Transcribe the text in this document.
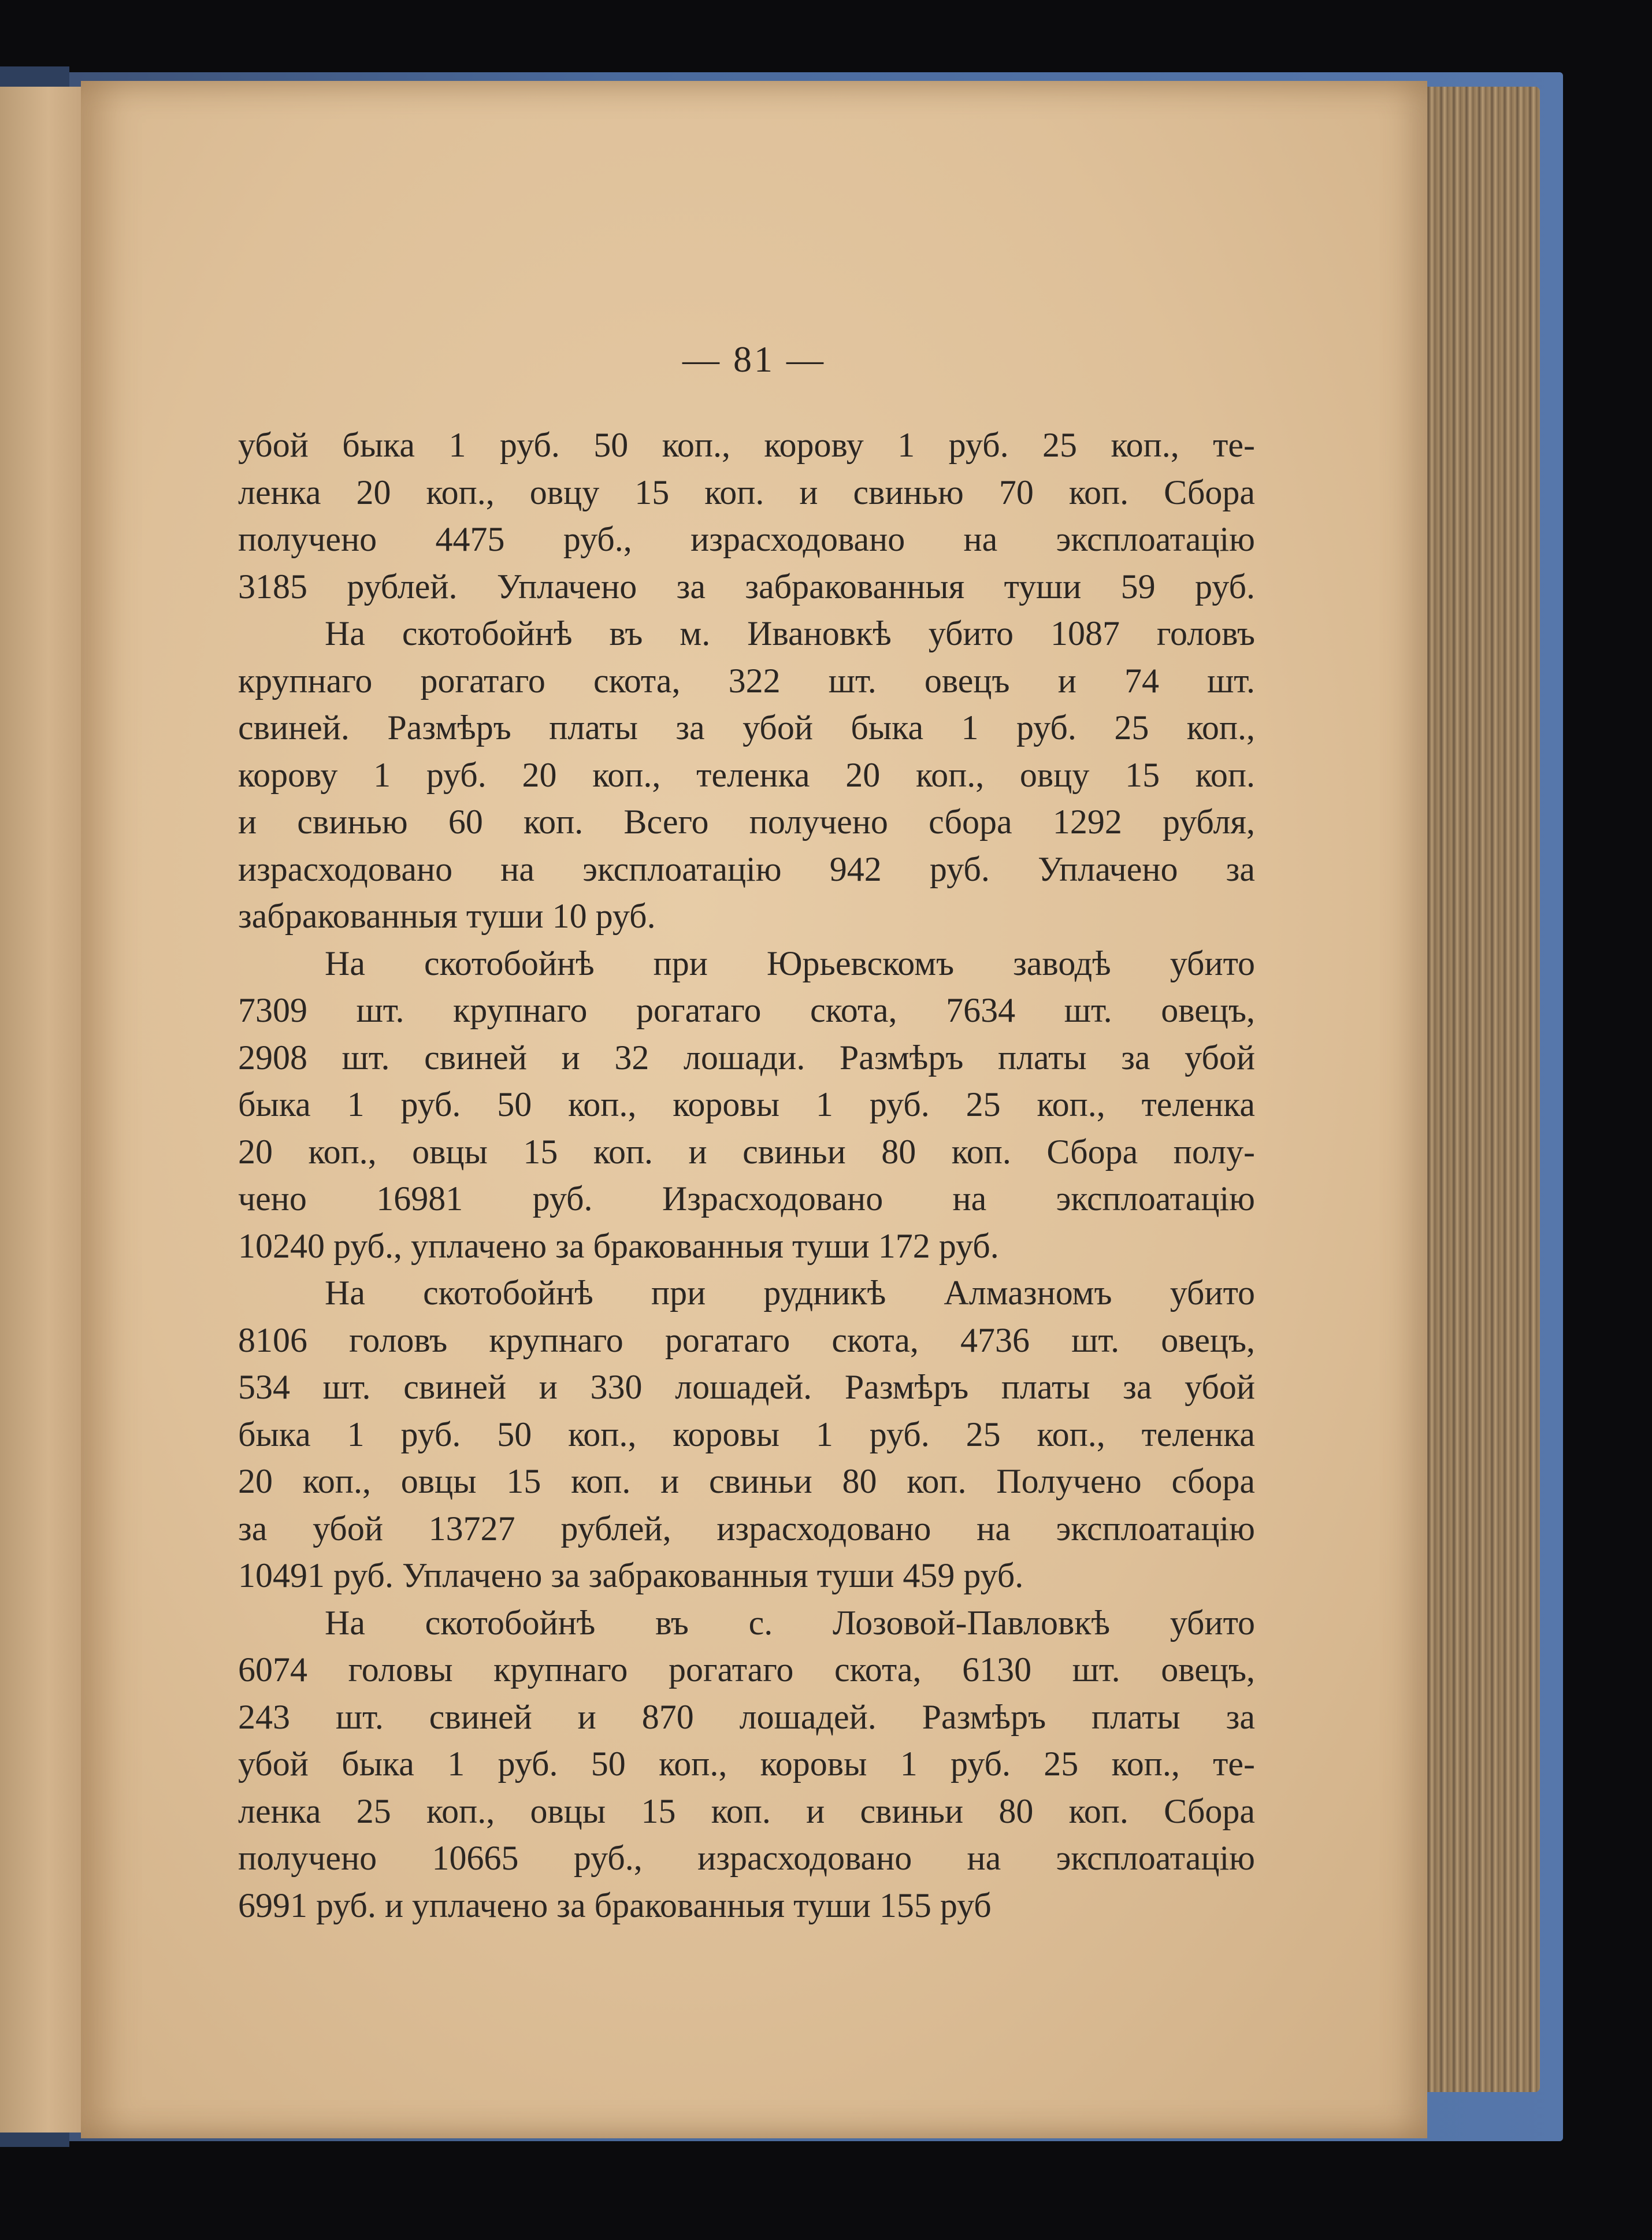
— 81 —
убой быка 1 руб. 50 коп., корову 1 руб. 25 коп., те-
ленка 20 коп., овцу 15 коп. и свинью 70 коп. Сбора
получено 4475 руб., израсходовано на эксплоатацію
3185 рублей. Уплачено за забракованныя туши 59 руб.
На скотобойнѣ въ м. Ивановкѣ убито 1087 головъ
крупнаго рогатаго скота, 322 шт. овецъ и 74 шт.
свиней. Размѣръ платы за убой быка 1 руб. 25 коп.,
корову 1 руб. 20 коп., теленка 20 коп., овцу 15 коп.
и свинью 60 коп. Всего получено сбора 1292 рубля,
израсходовано на эксплоатацію 942 руб. Уплачено за
забракованныя туши 10 руб.
На скотобойнѣ при Юрьевскомъ заводѣ убито
7309 шт. крупнаго рогатаго скота, 7634 шт. овецъ,
2908 шт. свиней и 32 лошади. Размѣръ платы за убой
быка 1 руб. 50 коп., коровы 1 руб. 25 коп., теленка
20 коп., овцы 15 коп. и свиньи 80 коп. Сбора полу-
чено 16981 руб. Израсходовано на эксплоатацію
10240 руб., уплачено за бракованныя туши 172 руб.
На скотобойнѣ при рудникѣ Алмазномъ убито
8106 головъ крупнаго рогатаго скота, 4736 шт. овецъ,
534 шт. свиней и 330 лошадей. Размѣръ платы за убой
быка 1 руб. 50 коп., коровы 1 руб. 25 коп., теленка
20 коп., овцы 15 коп. и свиньи 80 коп. Получено сбора
за убой 13727 рублей, израсходовано на эксплоатацію
10491 руб. Уплачено за забракованныя туши 459 руб.
На скотобойнѣ въ с. Лозовой-Павловкѣ убито
6074 головы крупнаго рогатаго скота, 6130 шт. овецъ,
243 шт. свиней и 870 лошадей. Размѣръ платы за
убой быка 1 руб. 50 коп., коровы 1 руб. 25 коп., те-
ленка 25 коп., овцы 15 коп. и свиньи 80 коп. Сбора
получено 10665 руб., израсходовано на эксплоатацію
6991 руб. и уплачено за бракованныя туши 155 руб
